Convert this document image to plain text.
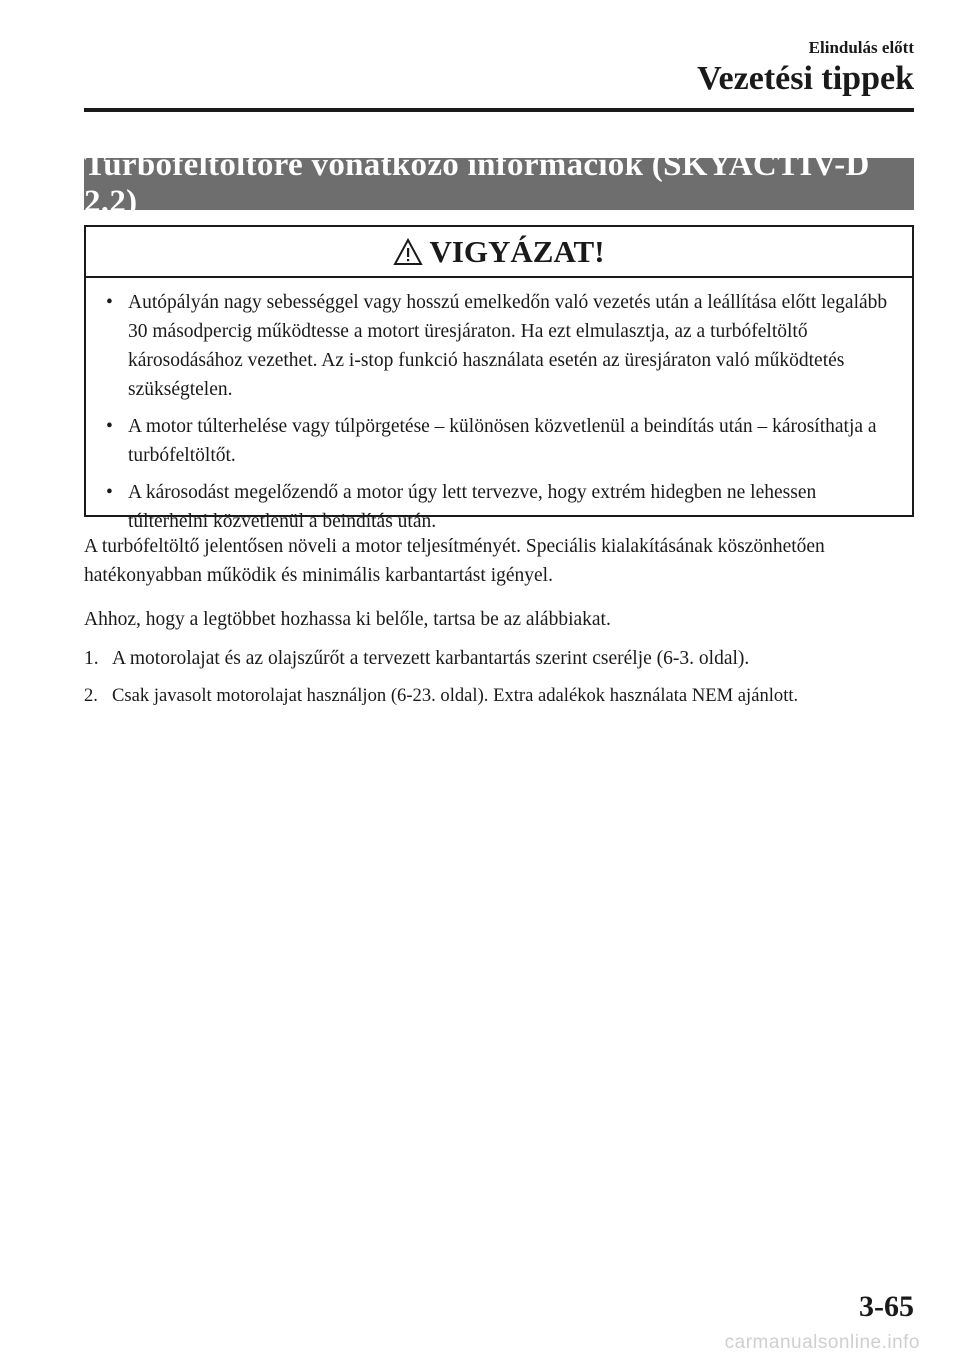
Elindulás előtt
Vezetési tippek
Turbófeltöltőre vonatkozó információk (SKYACTIV-D 2.2)
VIGYÁZAT!
• Autópályán nagy sebességgel vagy hosszú emelkedőn való vezetés után a leállítása előtt legalább 30 másodpercig működtesse a motort üresjáraton. Ha ezt elmulasztja, az a turbófeltöltő károsodásához vezethet. Az i-stop funkció használata esetén az üresjáraton való működtetés szükségtelen.
• A motor túlterhelése vagy túlpörgetése – különösen közvetlenül a beindítás után – károsíthatja a turbófeltöltőt.
• A károsodást megelőzendő a motor úgy lett tervezve, hogy extrém hidegben ne lehessen túlterhelni közvetlenül a beindítás után.
A turbófeltöltő jelentősen növeli a motor teljesítményét. Speciális kialakításának köszönhetően hatékonyabban működik és minimális karbantartást igényel.
Ahhoz, hogy a legtöbbet hozhassa ki belőle, tartsa be az alábbiakat.
1. A motorolajat és az olajszűrőt a tervezett karbantartás szerint cserélje (6-3. oldal).
2. Csak javasolt motorolajat használjon (6-23. oldal). Extra adalékok használata NEM ajánlott.
3-65
carmanualsonline.info
